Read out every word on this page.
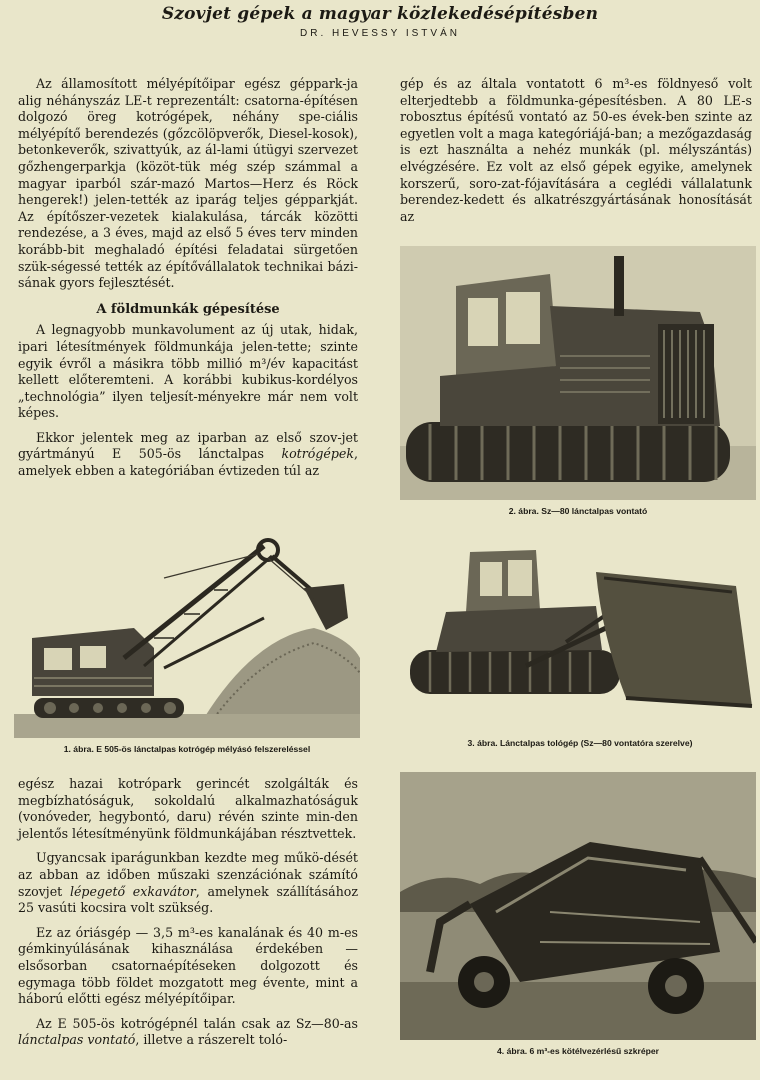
Szovjet gépek a magyar közlekedésépítésben
DR. HEVESSY ISTVÁN

Az államosított mélyépítőipar egész géppark-ja alig néhányszáz LE-t reprezentált: csatorna-építésen dolgozó öreg kotrógépek, néhány spe-ciális mélyépítő berendezés (gőzcölöpverők, Diesel-kosok), betonkeverők, szivattyúk, az ál-lami útügyi szervezet gőzhengerparkja (közöt-tük még szép számmal a magyar iparból szár-mazó Martos—Herz és Röck hengerek!) jelen-tették az iparág teljes gépparkját. Az építőszer-vezetek kialakulása, tárcák közötti rendezése, a 3 éves, majd az első 5 éves terv minden korább-bit meghaladó építési feladatai sürgetően szük-ségessé tették az építővállalatok technikai bázi-sának gyors fejlesztését.

A földmunkák gépesítése

A legnagyobb munkavolument az új utak, hidak, ipari létesítmények földmunkája jelen-tette; szinte egyik évről a másikra több millió m³/év kapacitást kellett előteremteni. A korábbi kubikus-kordélyos „technológia” ilyen teljesít-ményekre már nem volt képes.

Ekkor jelentek meg az iparban az első szov-jet gyártmányú E 505-ös lánctalpas kotrógépek, amelyek ebben a kategóriában évtizeden túl az

gép és az általa vontatott 6 m³-es földnyeső volt elterjedtebb a földmunka-gépesítésben. A 80 LE-s robosztus építésű vontató az 50-es évek-ben szinte az egyetlen volt a maga kategóriájá-ban; a mezőgazdaság is ezt használta a nehéz munkák (pl. mélyszántás) elvégzésére. Ez volt az első gépek egyike, amelynek korszerű, soro-zat-fójavítására a ceglédi vállalatunk berendez-kedett és alkatrészgyártásának honosítását az

1. ábra. E 505-ös lánctalpas kotrógép mélyásó felszereléssel
2. ábra. Sz—80 lánctalpas vontató
3. ábra. Lánctalpas tológép (Sz—80 vontatóra szerelve)

egész hazai kotrópark gerincét szolgálták és megbízhatóságuk, sokoldalú alkalmazhatóságuk (vonóveder, hegybontó, daru) révén szinte min-den jelentős létesítményünk földmunkájában résztvettek.

Ugyancsak iparágunkban kezdte meg műkö-dését az abban az időben műszaki szenzációnak számító szovjet lépegető exkavátor, amelynek szállításához 25 vasúti kocsira volt szükség.

Ez az óriásgép — 3,5 m³-es kanalának és 40 m-es gémkinyúlásának kihasználása érdekében — elsősorban csatornaépítéseken dolgozott és egymaga több földet mozgatott meg évente, mint a háború előtti egész mélyépítőipar.

Az E 505-ös kotrógépnél talán csak az Sz—80-as lánctalpas vontató, illetve a rászerelt toló-

4. ábra. 6 m³-es kötélvezérlésű szkréper
